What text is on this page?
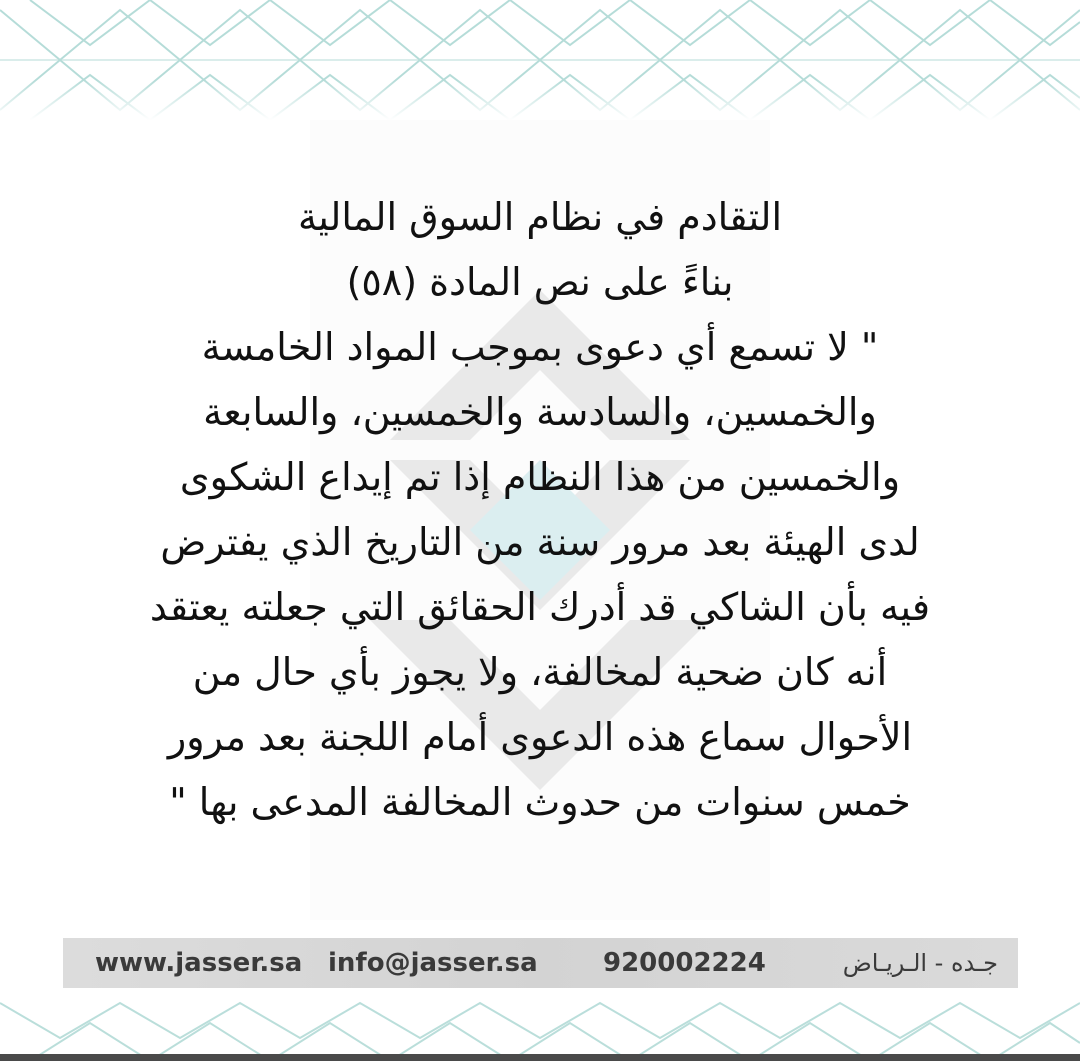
التقادم في نظام السوق المالية
بناءً على نص المادة (٥٨)
" لا تسمع أي دعوى بموجب المواد الخامسة
والخمسين، والسادسة والخمسين، والسابعة
والخمسين من هذا النظام إذا تم إيداع الشكوى
لدى الهيئة بعد مرور سنة من التاريخ الذي يفترض
فيه بأن الشاكي قد أدرك الحقائق التي جعلته يعتقد
أنه كان ضحية لمخالفة، ولا يجوز بأي حال من
الأحوال سماع هذه الدعوى أمام اللجنة بعد مرور
خمس سنوات من حدوث المخالفة المدعى بها "
www.jasser.sa info@jasser.sa	920002224	جـده - الـريـاض
